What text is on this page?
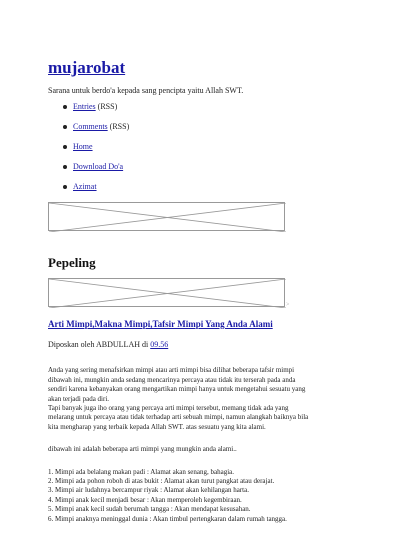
mujarobat
Sarana untuk berdo'a kepada sang pencipta yaitu Allah SWT.
Entries (RSS)
Comments (RSS)
Home
Download Do'a
Azimat
Pepeling
>
Arti Mimpi,Makna Mimpi,Tafsir Mimpi Yang Anda Alami
Diposkan oleh ABDULLAH di 09.56

Anda yang sering menafsirkan mimpi atau arti mimpi bisa dilihat beberapa tafsir mimpi

dibawah ini, mungkin anda sedang mencarinya percaya atau tidak itu terserah pada anda

sendiri karena kebanyakan orang mengartikan mimpi hanya untuk mengetahui sesuatu yang

akan terjadi pada diri.

Tapi banyak juga iho orang yang percaya arti mimpi tersebut, memang tidak ada yang

melarang untuk percaya atau tidak terhadap arti sebuah mimpi, namun alangkah baiknya bila

kita mengharap yang terbaik kepada Allah SWT. atas sesuatu yang kita alami.

dibawah ini adalah beberapa arti mimpi yang mungkin anda alami..

1. Mimpi ada belalang makan padi : Alamat akan senang, bahagia.

2. Mimpi ada pohon roboh di atas bukit : Alamat akan turut pangkat atau derajat.

3. Mimpi air ludahnya bercampur riyak : Alamat akan kehilangan harta.

4. Mimpi anak kecil menjadi besar : Akan memperoleh kegembiraan.

5. Mimpi anak kecil sudah berumah tangga : Akan mendapat kesusahan.

6. Mimpi anaknya meninggal dunia : Akan timbul pertengkaran dalam rumah tangga.
